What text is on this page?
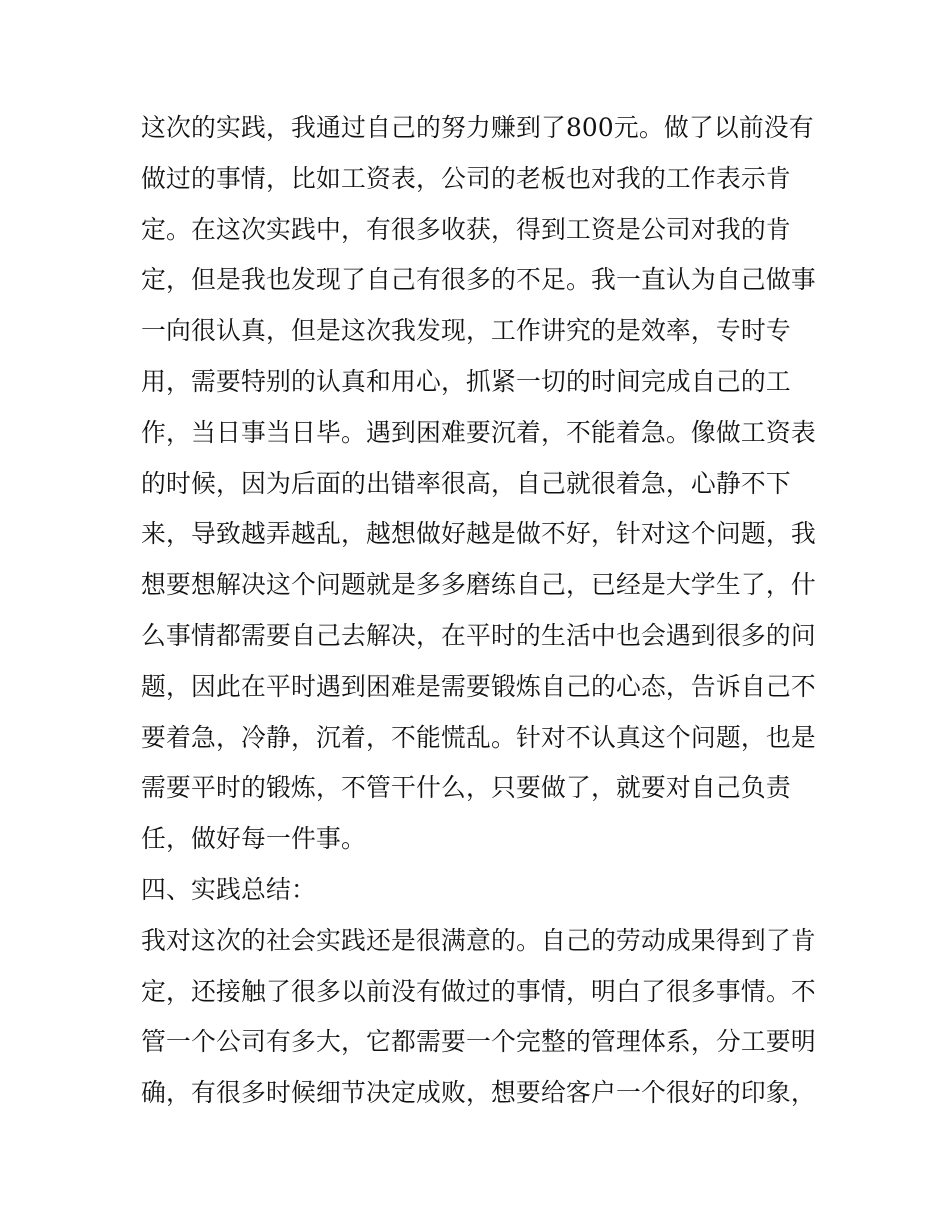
这次的实践，我通过自己的努力赚到了800元。做了以前没有
做过的事情，比如工资表，公司的老板也对我的工作表示肯
定。在这次实践中，有很多收获，得到工资是公司对我的肯
定，但是我也发现了自己有很多的不足。我一直认为自己做事
一向很认真，但是这次我发现，工作讲究的是效率，专时专
用，需要特别的认真和用心，抓紧一切的时间完成自己的工
作，当日事当日毕。遇到困难要沉着，不能着急。像做工资表
的时候，因为后面的出错率很高，自己就很着急，心静不下
来，导致越弄越乱，越想做好越是做不好，针对这个问题，我
想要想解决这个问题就是多多磨练自己，已经是大学生了，什
么事情都需要自己去解决，在平时的生活中也会遇到很多的问
题，因此在平时遇到困难是需要锻炼自己的心态，告诉自己不
要着急，冷静，沉着，不能慌乱。针对不认真这个问题，也是
需要平时的锻炼，不管干什么，只要做了，就要对自己负责
任，做好每一件事。
四、实践总结：
我对这次的社会实践还是很满意的。自己的劳动成果得到了肯
定，还接触了很多以前没有做过的事情，明白了很多事情。不
管一个公司有多大，它都需要一个完整的管理体系，分工要明
确，有很多时候细节决定成败，想要给客户一个很好的印象，
